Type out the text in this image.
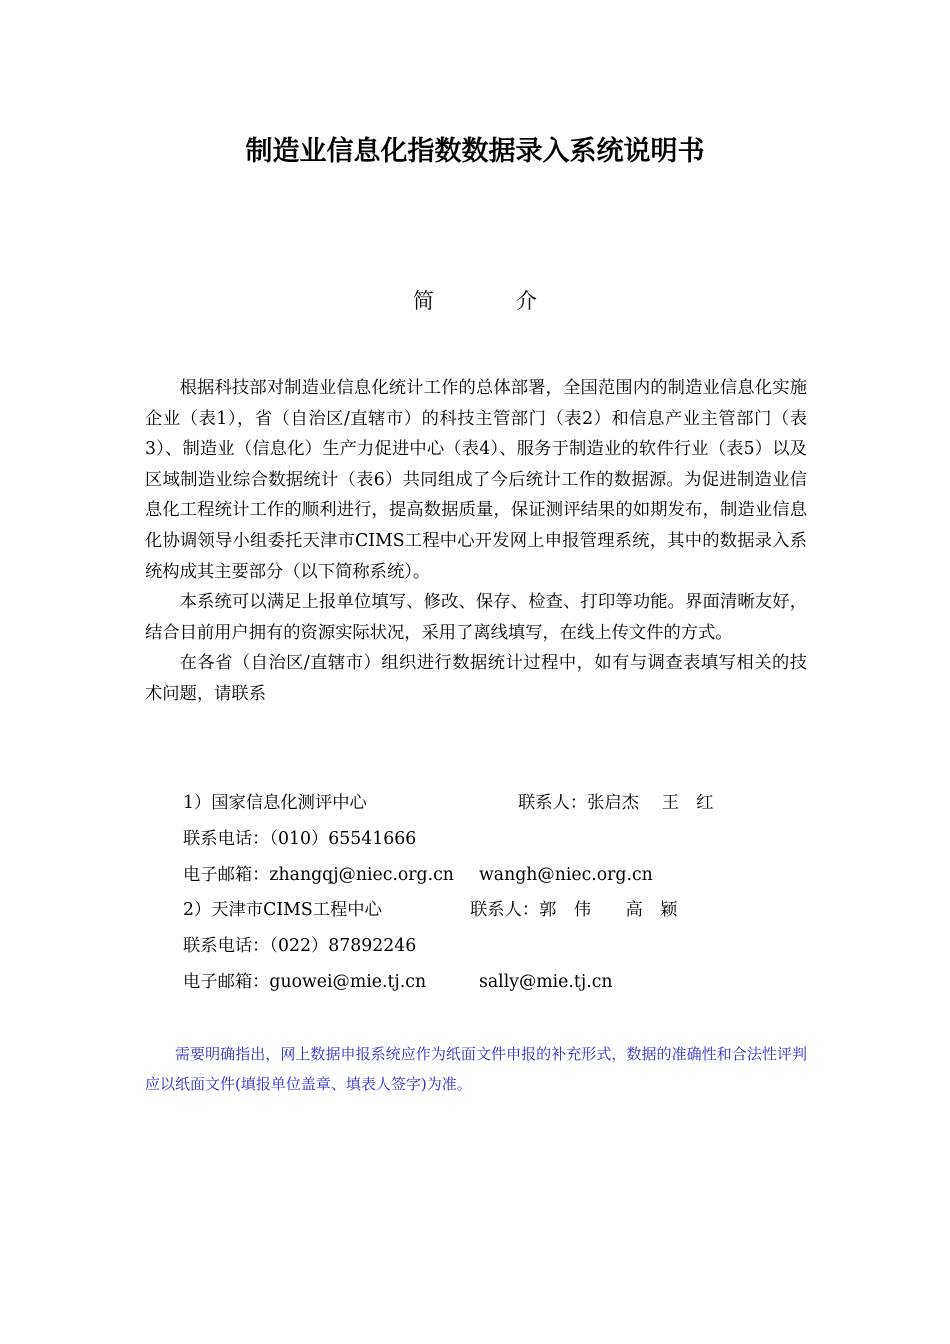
制造业信息化指数数据录入系统说明书
简	介

根据科技部对制造业信息化统计工作的总体部署，全国范围内的制造业信息化实施企业（表1），省（自治区/直辖市）的科技主管部门（表2）和信息产业主管部门（表3）、制造业（信息化）生产力促进中心（表4）、服务于制造业的软件行业（表5）以及区域制造业综合数据统计（表6）共同组成了今后统计工作的数据源。为促进制造业信息化工程统计工作的顺利进行，提高数据质量，保证测评结果的如期发布，制造业信息化协调领导小组委托天津市CIMS工程中心开发网上申报管理系统，其中的数据录入系统构成其主要部分（以下简称系统）。

本系统可以满足上报单位填写、修改、保存、检查、打印等功能。界面清晰友好，结合目前用户拥有的资源实际状况，采用了离线填写，在线上传文件的方式。

在各省（自治区/直辖市）组织进行数据统计过程中，如有与调查表填写相关的技术问题，请联系

1）国家信息化测评中心	联系人：张启杰　 王　红
联系电话：（010）65541666
电子邮箱：zhangqj@niec.org.cn wangh@niec.org.cn
2）天津市CIMS工程中心	联系人：郭　伟　　高　颖
联系电话：（022）87892246
电子邮箱：guowei@mie.tj.cn	sally@mie.tj.cn

需要明确指出，网上数据申报系统应作为纸面文件申报的补充形式，数据的准确性和合法性评判应以纸面文件(填报单位盖章、填表人签字)为准。
